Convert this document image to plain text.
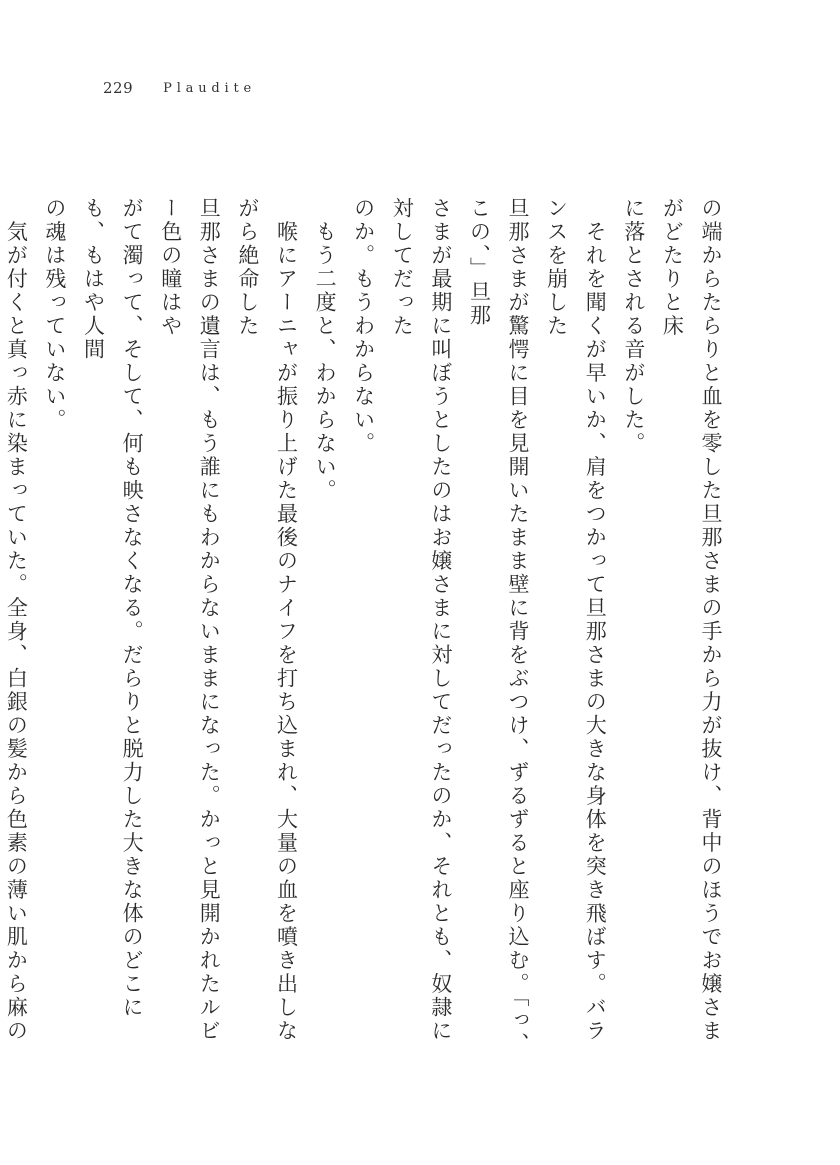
229 Plaudite

の端からたらりと血を零した旦那さまの手から力が抜け、背中のほうでお嬢さまがどたりと床

に落とされる音がした。

　それを聞くが早いか、肩をつかって旦那さまの大きな身体を突き飛ばす。バランスを崩した

旦那さまが驚愕に目を見開いたまま壁に背をぶつけ、ずるずると座り込む。「っ、この、」旦那

さまが最期に叫ぼうとしたのはお嬢さまに対してだったのか、それとも、奴隷に対してだった

のか。もうわからない。

　もう二度と、わからない。

　喉にアーニャが振り上げた最後のナイフを打ち込まれ、大量の血を噴き出しながら絶命した

旦那さまの遺言は、もう誰にもわからないままになった。かっと見開かれたルビー色の瞳はや

がて濁って、そして、何も映さなくなる。だらりと脱力した大きな体のどこにも、もはや人間

の魂は残っていない。

　気が付くと真っ赤に染まっていた。全身、白銀の髪から色素の薄い肌から麻の
